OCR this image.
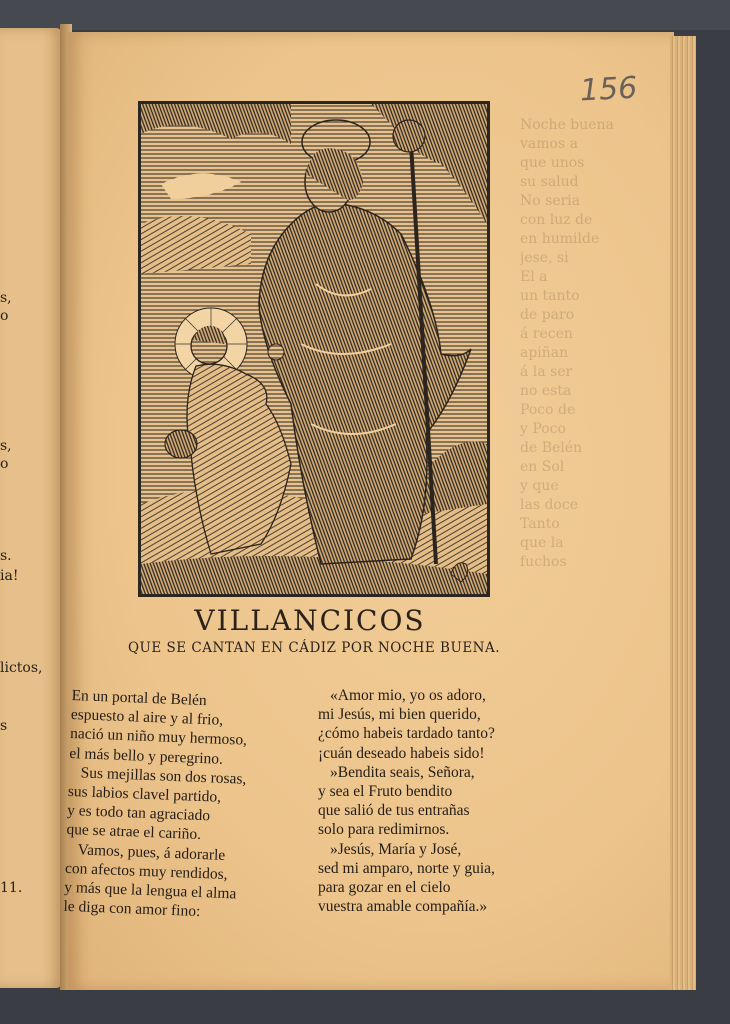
s,
o
s,
o
s.
ia!
lictos,
s
11.
Noche buena
vamos a
que unos
su salud
No seria
con luz de
en humilde
jese, si
El a
un tanto
de paro
á recen
apiñan
á la ser
no esta
Poco de
y Poco
de Belén
en Sol
y que
las doce
Tanto
que la
fuchos
156
VILLANCICOS
QUE SE CANTAN EN CÁDIZ POR NOCHE BUENA.
En un portal de Belén
espuesto al aire y al frio,
nació un niño muy hermoso,
el más bello y peregrino.
Sus mejillas son dos rosas,
sus labios clavel partido,
y es todo tan agraciado
que se atrae el cariño.
Vamos, pues, á adorarle
con afectos muy rendidos,
y más que la lengua el alma
le diga con amor fino:
«Amor mio, yo os adoro,
mi Jesús, mi bien querido,
¿cómo habeis tardado tanto?
¡cuán deseado habeis sido!
»Bendita seais, Señora,
y sea el Fruto bendito
que salió de tus entrañas
solo para redimirnos.
»Jesús, María y José,
sed mi amparo, norte y guia,
para gozar en el cielo
vuestra amable compañía.»
